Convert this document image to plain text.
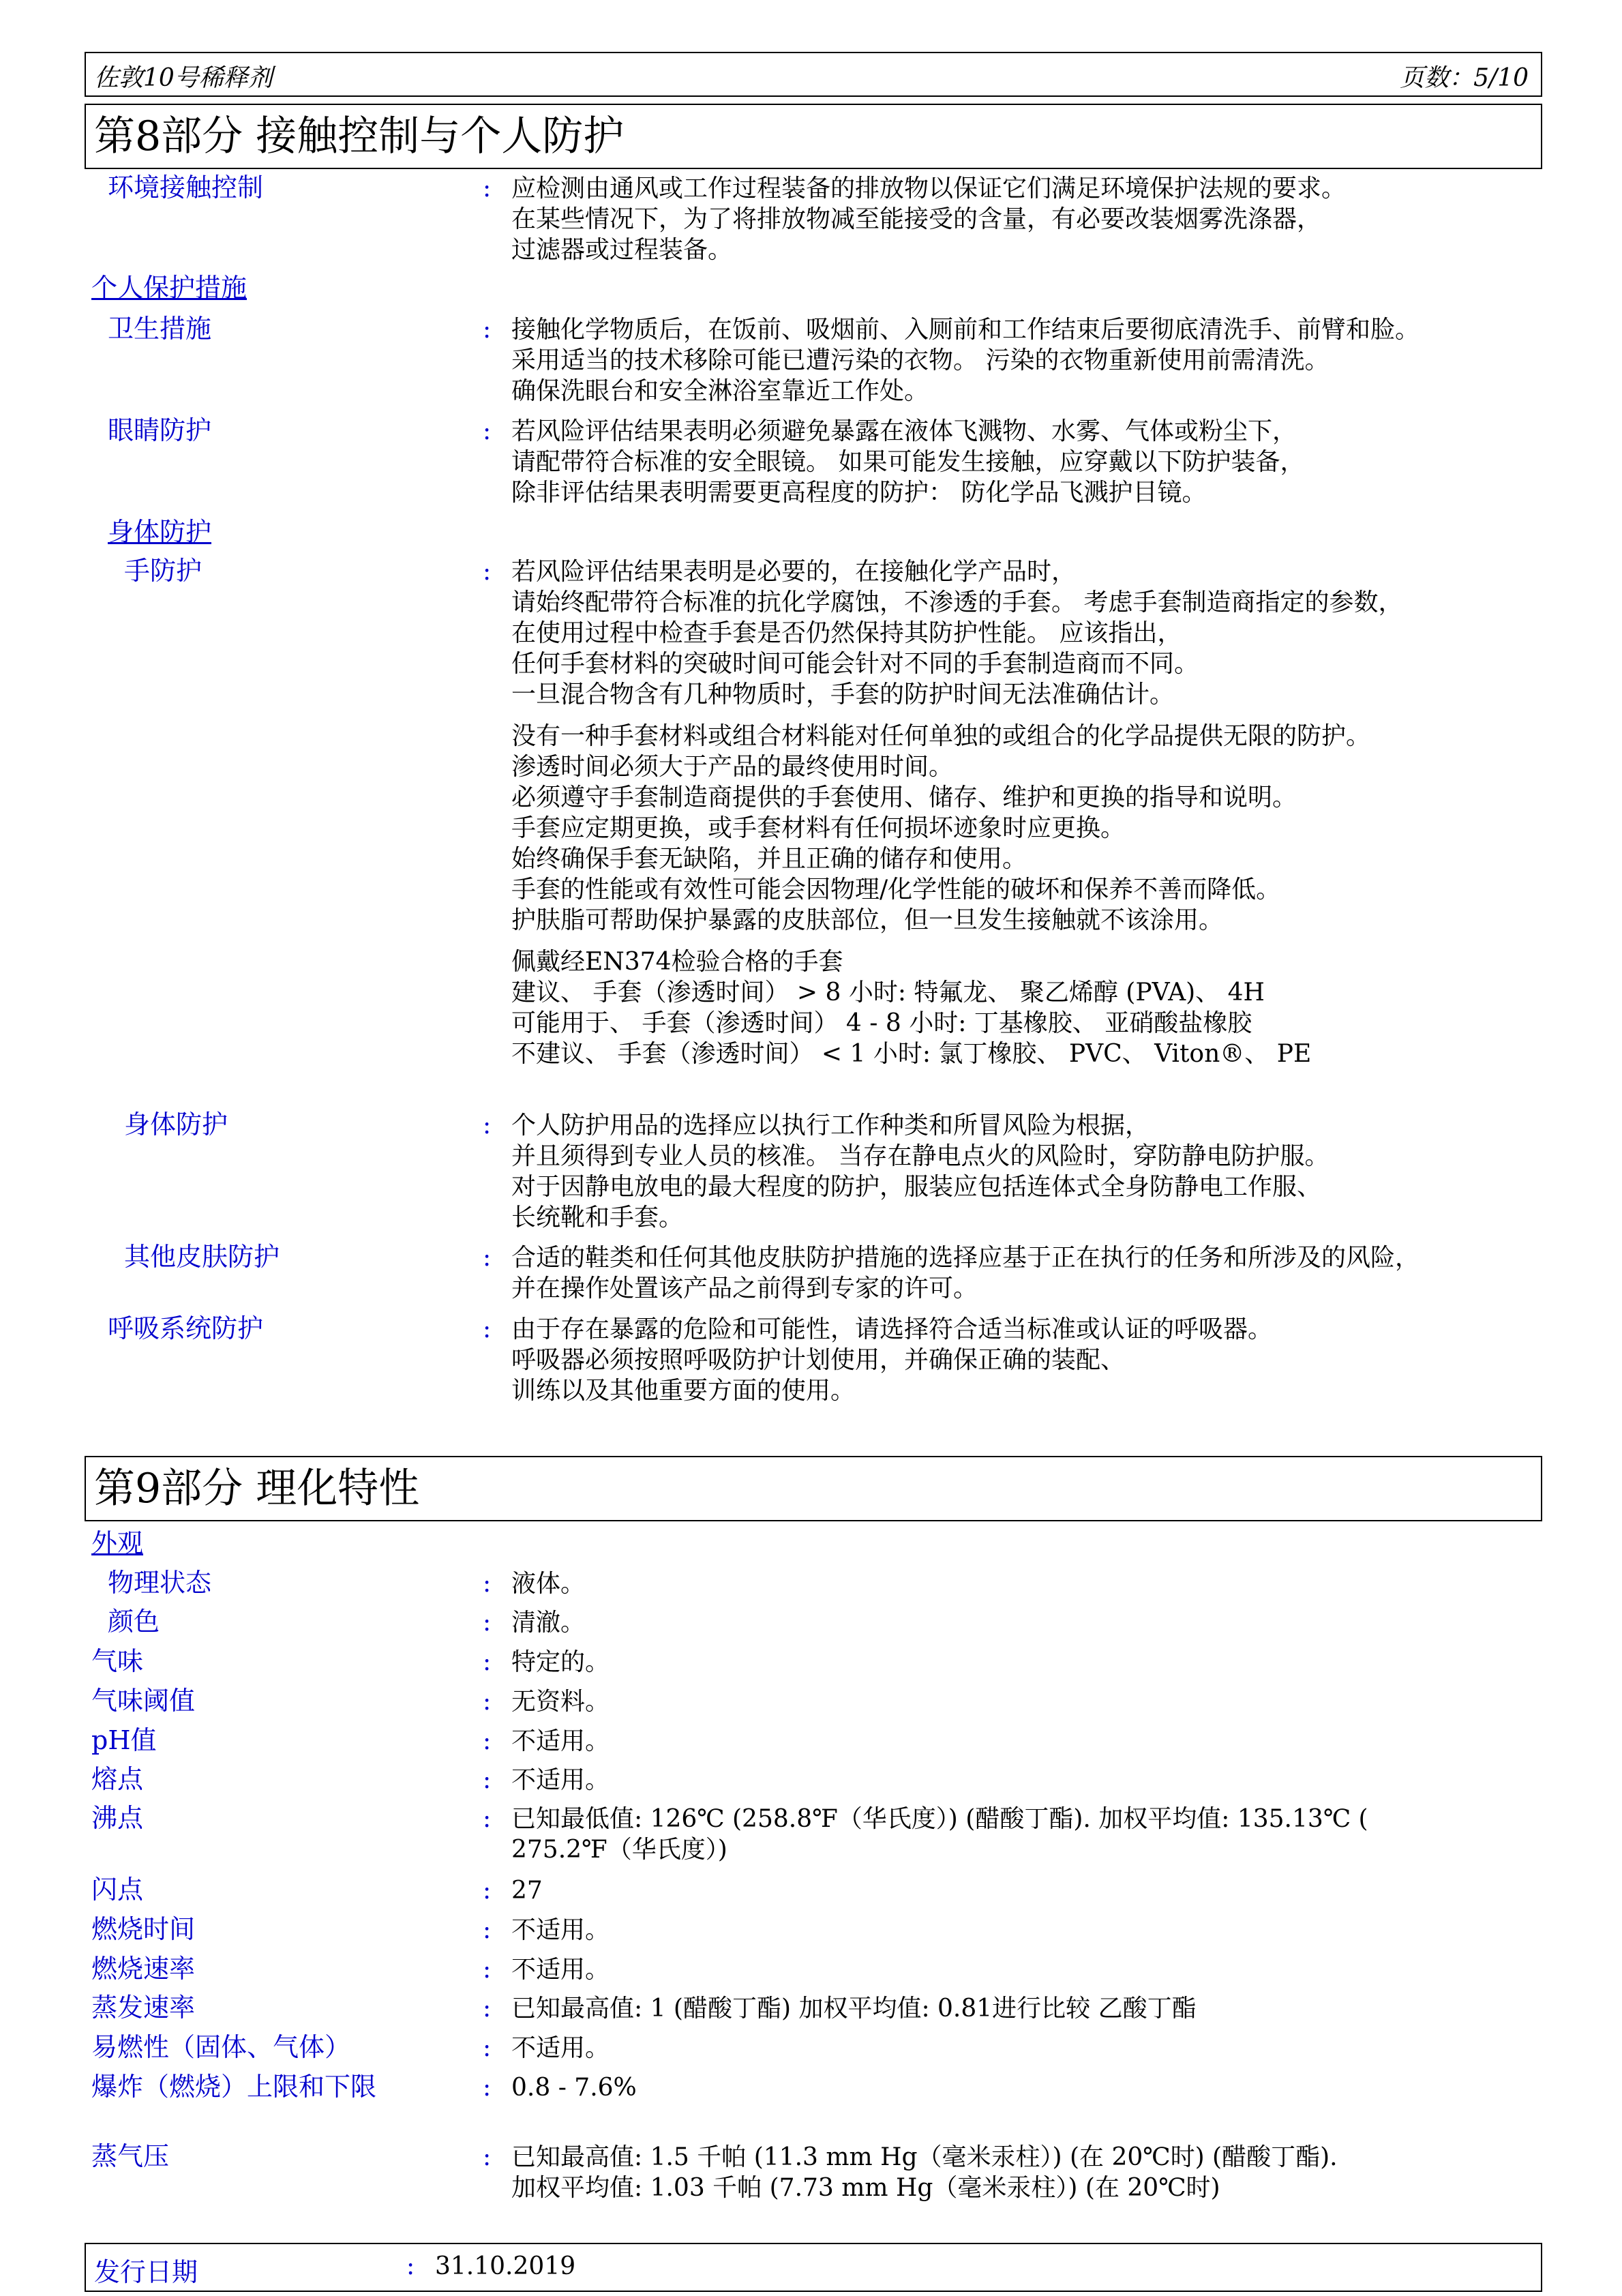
佐敦10号稀释剂	页数：5/10
第8部分 接触控制与个人防护
环境接触控制	: 应检测由通风或工作过程装备的排放物以保证它们满足环境保护法规的要求。
在某些情况下，为了将排放物减至能接受的含量，有必要改装烟雾洗涤器，
过滤器或过程装备。
个人保护措施
卫生措施	: 接触化学物质后，在饭前、吸烟前、入厕前和工作结束后要彻底清洗手、前臂和脸。
采用适当的技术移除可能已遭污染的衣物。 污染的衣物重新使用前需清洗。
确保洗眼台和安全淋浴室靠近工作处。
眼睛防护	: 若风险评估结果表明必须避免暴露在液体飞溅物、水雾、气体或粉尘下，
请配带符合标准的安全眼镜。 如果可能发生接触，应穿戴以下防护装备，
除非评估结果表明需要更高程度的防护： 防化学品飞溅护目镜。
身体防护
手防护	: 若风险评估结果表明是必要的，在接触化学产品时，
请始终配带符合标准的抗化学腐蚀，不渗透的手套。 考虑手套制造商指定的参数，
在使用过程中检查手套是否仍然保持其防护性能。 应该指出，
任何手套材料的突破时间可能会针对不同的手套制造商而不同。
一旦混合物含有几种物质时，手套的防护时间无法准确估计。
没有一种手套材料或组合材料能对任何单独的或组合的化学品提供无限的防护。
渗透时间必须大于产品的最终使用时间。
必须遵守手套制造商提供的手套使用、储存、维护和更换的指导和说明。
手套应定期更换，或手套材料有任何损坏迹象时应更换。
始终确保手套无缺陷，并且正确的储存和使用。
手套的性能或有效性可能会因物理/化学性能的破坏和保养不善而降低。
护肤脂可帮助保护暴露的皮肤部位，但一旦发生接触就不该涂用。
佩戴经EN374检验合格的手套
建议、 手套（渗透时间） > 8 小时: 特氟龙、 聚乙烯醇 (PVA)、 4H
可能用于、 手套（渗透时间） 4 - 8 小时: 丁基橡胶、 亚硝酸盐橡胶
不建议、 手套（渗透时间） < 1 小时: 氯丁橡胶、 PVC、 Viton®、 PE
身体防护	: 个人防护用品的选择应以执行工作种类和所冒风险为根据，
并且须得到专业人员的核准。 当存在静电点火的风险时，穿防静电防护服。
对于因静电放电的最大程度的防护，服装应包括连体式全身防静电工作服、
长统靴和手套。
其他皮肤防护	: 合适的鞋类和任何其他皮肤防护措施的选择应基于正在执行的任务和所涉及的风险，
并在操作处置该产品之前得到专家的许可。
呼吸系统防护	: 由于存在暴露的危险和可能性，请选择符合适当标准或认证的呼吸器。
呼吸器必须按照呼吸防护计划使用，并确保正确的装配、
训练以及其他重要方面的使用。
第9部分 理化特性
外观
物理状态	: 液体。
颜色	: 清澈。
气味	: 特定的。
气味阈值	: 无资料。
pH值	: 不适用。
熔点	: 不适用。
沸点	: 已知最低值: 126℃ (258.8℉（华氏度）) (醋酸丁酯). 加权平均值: 135.13℃ (
275.2℉（华氏度）)
闪点	: 27
燃烧时间	: 不适用。
燃烧速率	: 不适用。
蒸发速率	: 已知最高值: 1 (醋酸丁酯) 加权平均值: 0.81进行比较 乙酸丁酯
易燃性（固体、气体）	: 不适用。
爆炸（燃烧）上限和下限	: 0.8 - 7.6%
蒸气压	: 已知最高值: 1.5 千帕 (11.3 mm Hg（毫米汞柱）) (在 20℃时) (醋酸丁酯).
加权平均值: 1.03 千帕 (7.73 mm Hg（毫米汞柱）) (在 20℃时)
发行日期	: 31.10.2019
